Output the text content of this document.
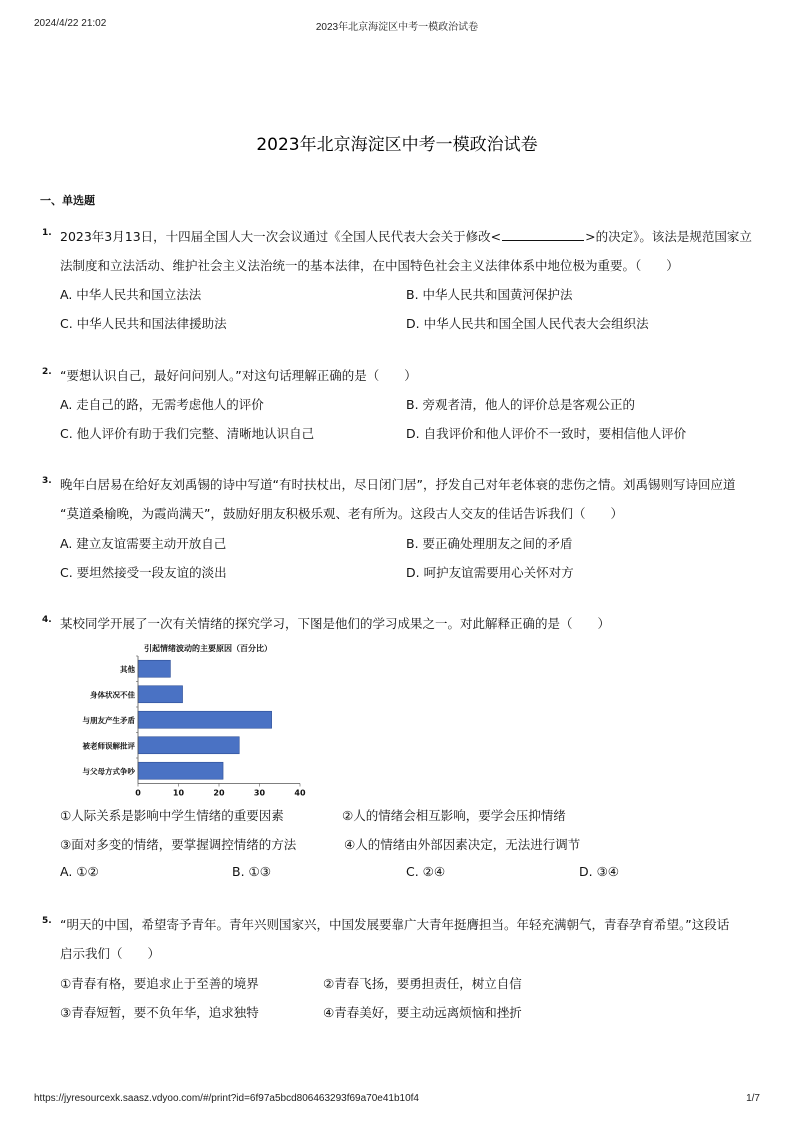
2024/4/22 21:02	2023年北京海淀区中考一模政治试卷
2023年北京海淀区中考一模政治试卷
一、单选题
1. 2023年3月13日，十四届全国人大一次会议通过《全国人民代表大会关于修改<	>的决定》。该法是规范国家立
法制度和立法活动、维护社会主义法治统一的基本法律，在中国特色社会主义法律体系中地位极为重要。（　　）
A. 中华人民共和国立法法	B. 中华人民共和国黄河保护法
C. 中华人民共和国法律援助法	D. 中华人民共和国全国人民代表大会组织法
2. “要想认识自己，最好问问别人。”对这句话理解正确的是（　　）
A. 走自己的路，无需考虑他人的评价	B. 旁观者清，他人的评价总是客观公正的
C. 他人评价有助于我们完整、清晰地认识自己	D. 自我评价和他人评价不一致时，要相信他人评价
3. 晚年白居易在给好友刘禹锡的诗中写道“有时扶杖出，尽日闭门居”，抒发自己对年老体衰的悲伤之情。刘禹锡则写诗回应道
“莫道桑榆晚，为霞尚满天”，鼓励好朋友积极乐观、老有所为。这段古人交友的佳话告诉我们（　　）
A. 建立友谊需要主动开放自己	B. 要正确处理朋友之间的矛盾
C. 要坦然接受一段友谊的淡出	D. 呵护友谊需要用心关怀对方
4. 某校同学开展了一次有关情绪的探究学习，下图是他们的学习成果之一。对此解释正确的是（　　）
引起情绪波动的主要原因（百分比）
0	10	20	30	40
其他
身体状况不佳
与朋友产生矛盾
被老师误解批评
与父母方式争吵
①人际关系是影响中学生情绪的重要因素	②人的情绪会相互影响，要学会压抑情绪
③面对多变的情绪，要掌握调控情绪的方法	④人的情绪由外部因素决定，无法进行调节
A. ①②	B. ①③	C. ②④	D. ③④
5. “明天的中国，希望寄予青年。青年兴则国家兴，中国发展要靠广大青年挺膺担当。年轻充满朝气，青春孕育希望。”这段话
启示我们（　　）
①青春有格，要追求止于至善的境界	②青春飞扬，要勇担责任，树立自信
③青春短暂，要不负年华，追求独特	④青春美好，要主动远离烦恼和挫折
https://jyresourcexk.saasz.vdyoo.com/#/print?id=6f97a5bcd806463293f69a70e41b10f4	1/7
